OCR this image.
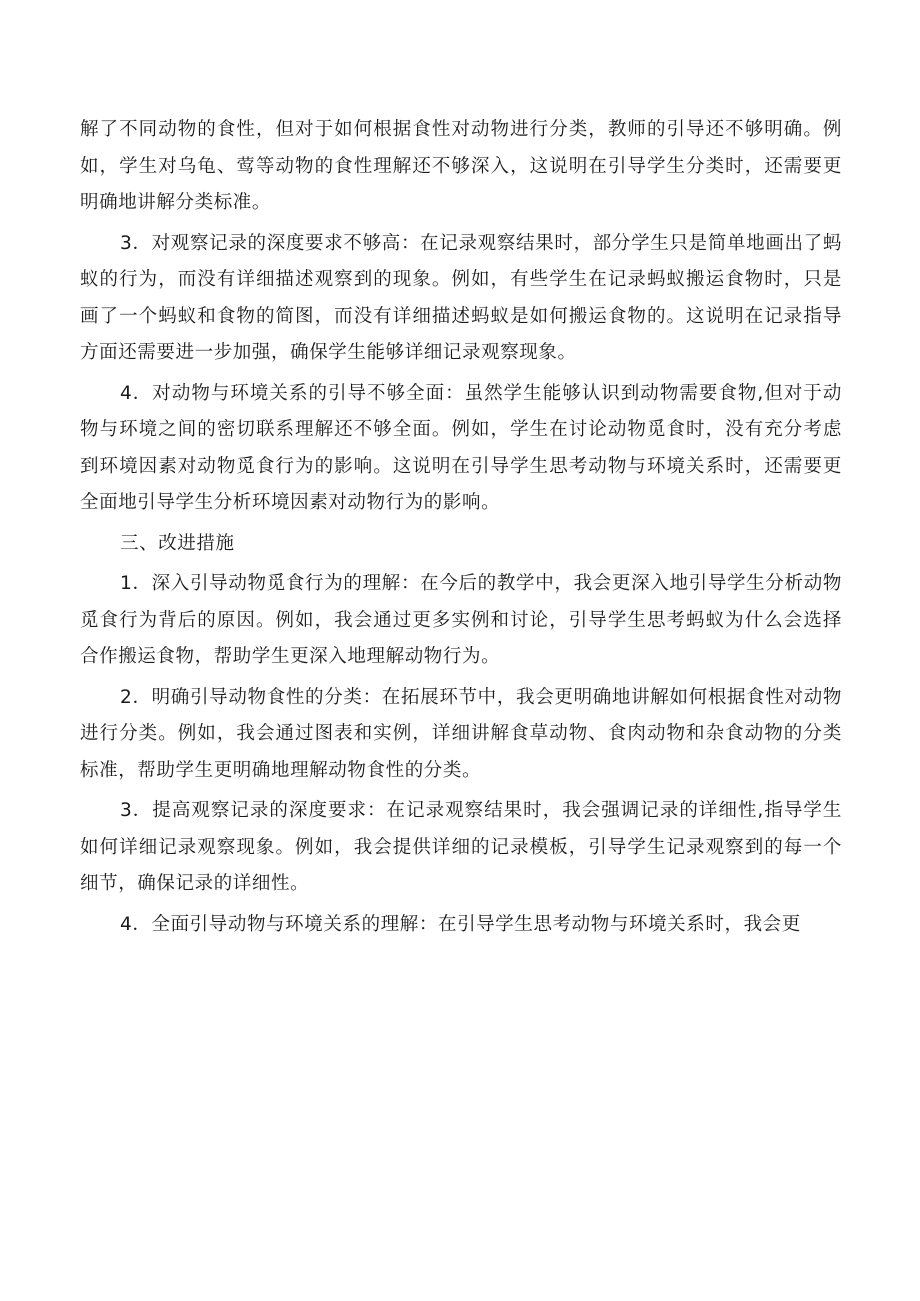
解了不同动物的食性，但对于如何根据食性对动物进行分类，教师的引导还不够明确。例如，学生对乌龟、莺等动物的食性理解还不够深入，这说明在引导学生分类时，还需要更明确地讲解分类标准。

3．对观察记录的深度要求不够高：在记录观察结果时，部分学生只是简单地画出了蚂蚁的行为，而没有详细描述观察到的现象。例如，有些学生在记录蚂蚁搬运食物时，只是画了一个蚂蚁和食物的简图，而没有详细描述蚂蚁是如何搬运食物的。这说明在记录指导方面还需要进一步加强，确保学生能够详细记录观察现象。

4．对动物与环境关系的引导不够全面：虽然学生能够认识到动物需要食物,但对于动物与环境之间的密切联系理解还不够全面。例如，学生在讨论动物觅食时，没有充分考虑到环境因素对动物觅食行为的影响。这说明在引导学生思考动物与环境关系时，还需要更全面地引导学生分析环境因素对动物行为的影响。

三、改进措施

1．深入引导动物觅食行为的理解：在今后的教学中，我会更深入地引导学生分析动物觅食行为背后的原因。例如，我会通过更多实例和讨论，引导学生思考蚂蚁为什么会选择合作搬运食物，帮助学生更深入地理解动物行为。

2．明确引导动物食性的分类：在拓展环节中，我会更明确地讲解如何根据食性对动物进行分类。例如，我会通过图表和实例，详细讲解食草动物、食肉动物和杂食动物的分类标准，帮助学生更明确地理解动物食性的分类。

3．提高观察记录的深度要求：在记录观察结果时，我会强调记录的详细性,指导学生如何详细记录观察现象。例如，我会提供详细的记录模板，引导学生记录观察到的每一个细节，确保记录的详细性。

4．全面引导动物与环境关系的理解：在引导学生思考动物与环境关系时，我会更
